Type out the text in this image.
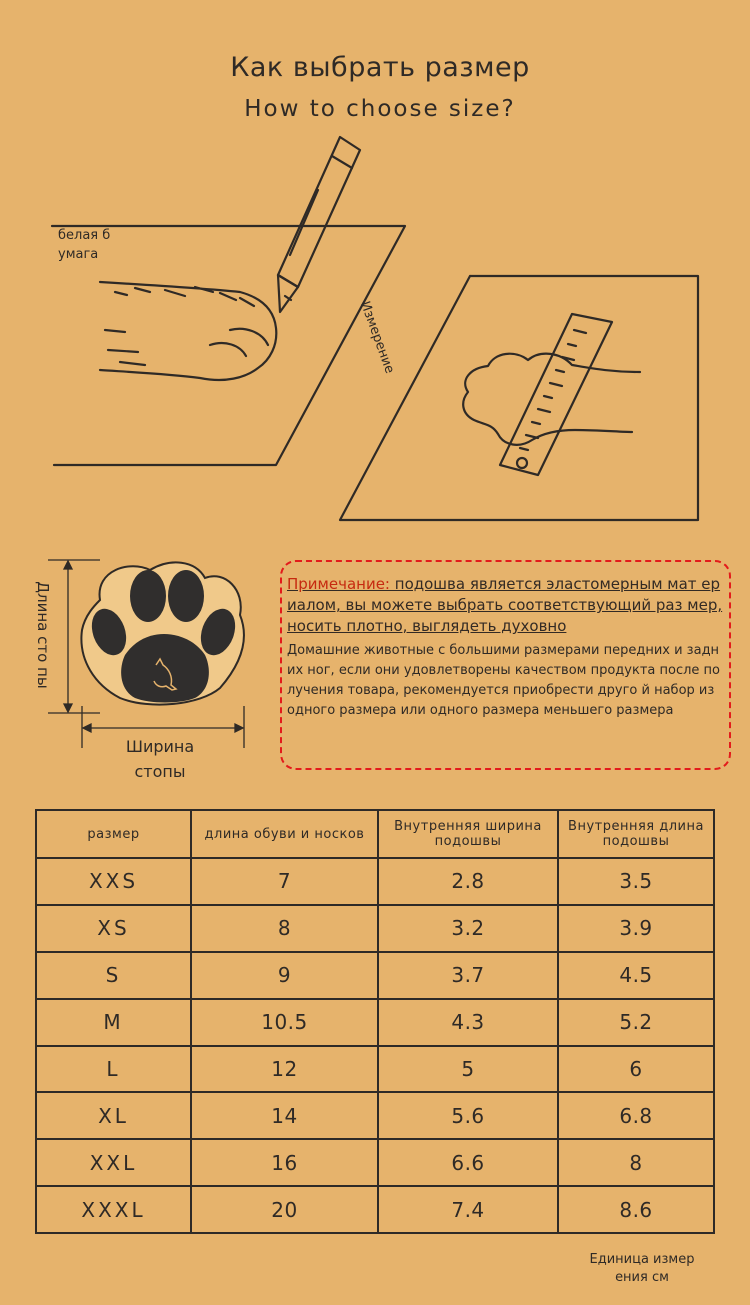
Как выбрать размер
How to choose size?
белая б умага
Измерение
Длина сто пы
Ширина стопы
Примечание: подошва является эластомерным мат ериалом, вы можете выбрать соответствующий раз мер, носить плотно, выглядеть духовно
Домашние животные с большими размерами передних и задних ног, если они удовлетворены качеством продукта после получения товара, рекомендуется приобрести друго й набор из одного размера или одного размера меньшего размера
размер	длина обуви и носков	Внутренняя ширина подошвы	Внутренняя длина подошвы
XXS	7	2.8	3.5
XS	8	3.2	3.9
S	9	3.7	4.5
M	10.5	4.3	5.2
L	12	5	6
XL	14	5.6	6.8
XXL	16	6.6	8
XXXL	20	7.4	8.6
Единица измер ения см
